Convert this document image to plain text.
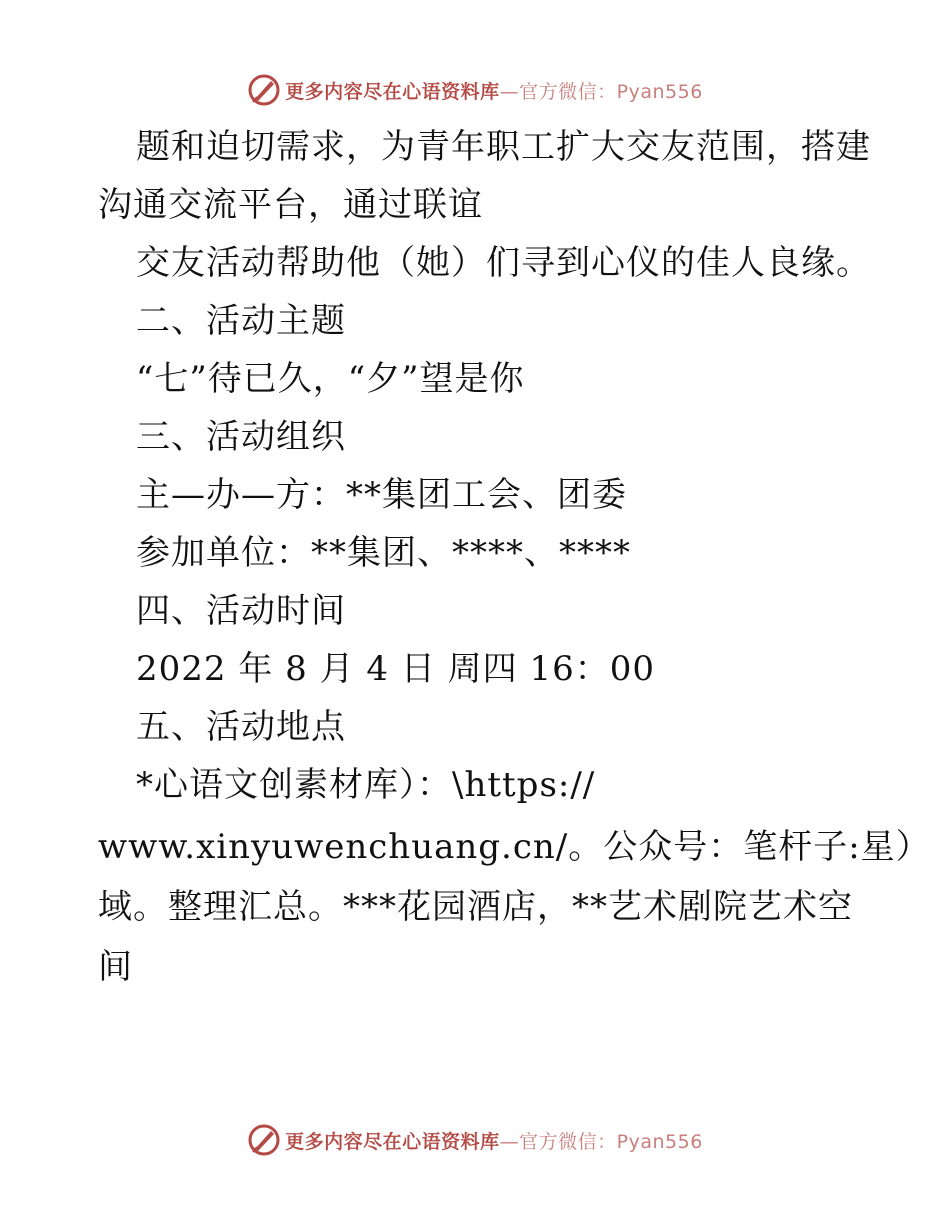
更多内容尽在心语资料库—官方微信：Pyan556
题和迫切需求，为青年职工扩大交友范围，搭建
沟通交流平台，通过联谊
交友活动帮助他（她）们寻到心仪的佳人良缘。
二、活动主题
“七”待已久，“夕”望是你
三、活动组织
主—办—方：**集团工会、团委
参加单位：**集团、****、****
四、活动时间
2022 年 8 月 4 日 周四 16：00
五、活动地点
*心语文创素材库）：\https://
www.xinyuwenchuang.cn/。公众号：笔杆子:星）
域。整理汇总。***花园酒店，**艺术剧院艺术空
间
更多内容尽在心语资料库—官方微信：Pyan556
